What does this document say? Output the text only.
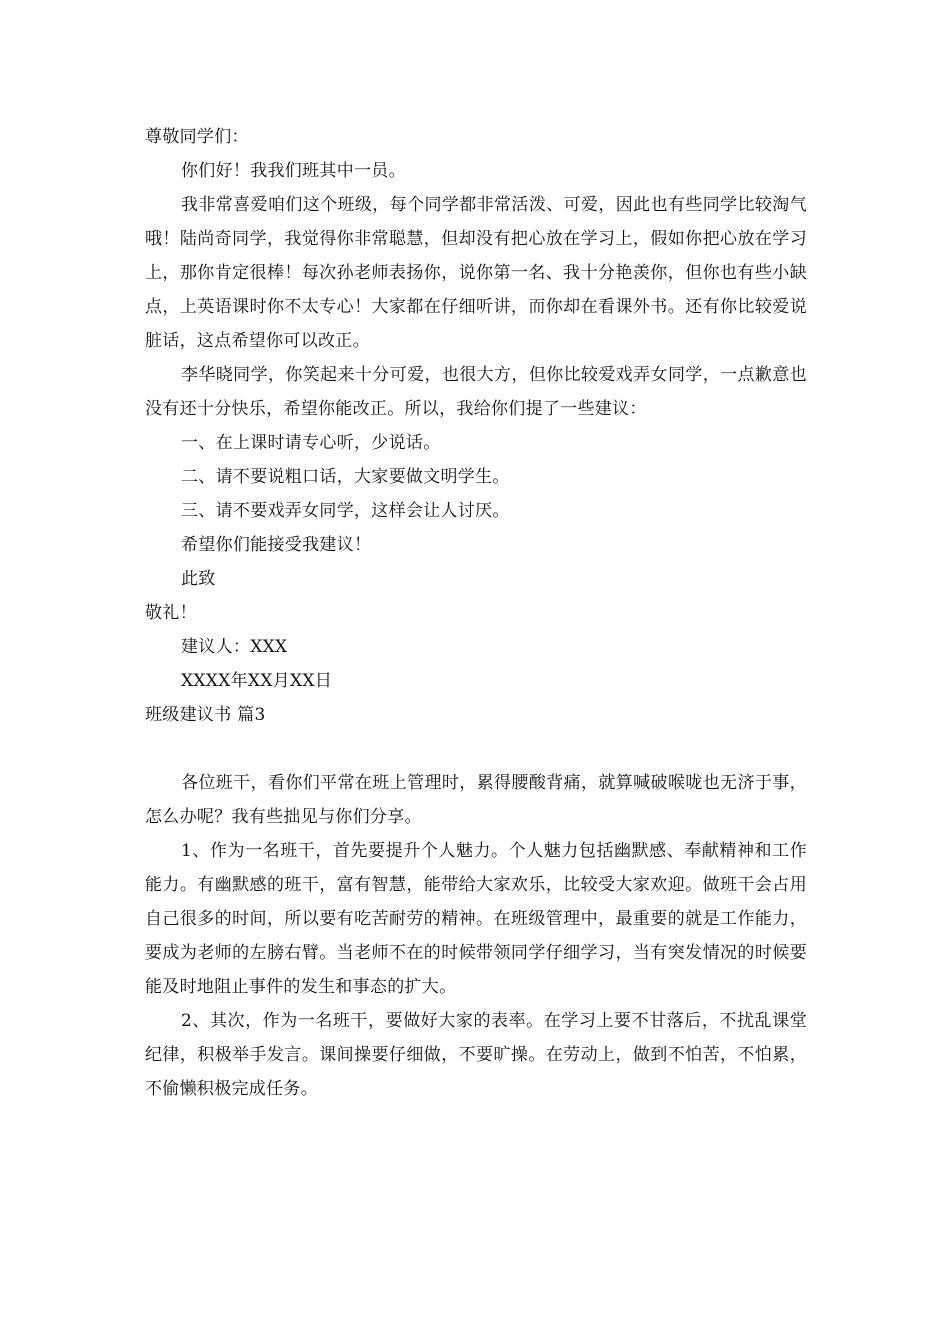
尊敬同学们：

你们好！我我们班其中一员。

我非常喜爱咱们这个班级，每个同学都非常活泼、可爱，因此也有些同学比较淘气哦！陆尚奇同学，我觉得你非常聪慧，但却没有把心放在学习上，假如你把心放在学习上，那你肯定很棒！每次孙老师表扬你，说你第一名、我十分艳羡你，但你也有些小缺点，上英语课时你不太专心！大家都在仔细听讲，而你却在看课外书。还有你比较爱说脏话，这点希望你可以改正。

李华晓同学，你笑起来十分可爱，也很大方，但你比较爱戏弄女同学，一点歉意也没有还十分快乐，希望你能改正。所以，我给你们提了一些建议：

一、在上课时请专心听，少说话。

二、请不要说粗口话，大家要做文明学生。

三、请不要戏弄女同学，这样会让人讨厌。

希望你们能接受我建议！

此致

敬礼！

建议人：XXX

XXXX年XX月XX日

班级建议书 篇3

各位班干，看你们平常在班上管理时，累得腰酸背痛，就算喊破喉咙也无济于事，怎么办呢？我有些拙见与你们分享。

1、作为一名班干，首先要提升个人魅力。个人魅力包括幽默感、奉献精神和工作能力。有幽默感的班干，富有智慧，能带给大家欢乐，比较受大家欢迎。做班干会占用自己很多的时间，所以要有吃苦耐劳的精神。在班级管理中，最重要的就是工作能力，要成为老师的左膀右臂。当老师不在的时候带领同学仔细学习，当有突发情况的时候要能及时地阻止事件的发生和事态的扩大。

2、其次，作为一名班干，要做好大家的表率。在学习上要不甘落后，不扰乱课堂纪律，积极举手发言。课间操要仔细做，不要旷操。在劳动上，做到不怕苦，不怕累，不偷懒积极完成任务。
